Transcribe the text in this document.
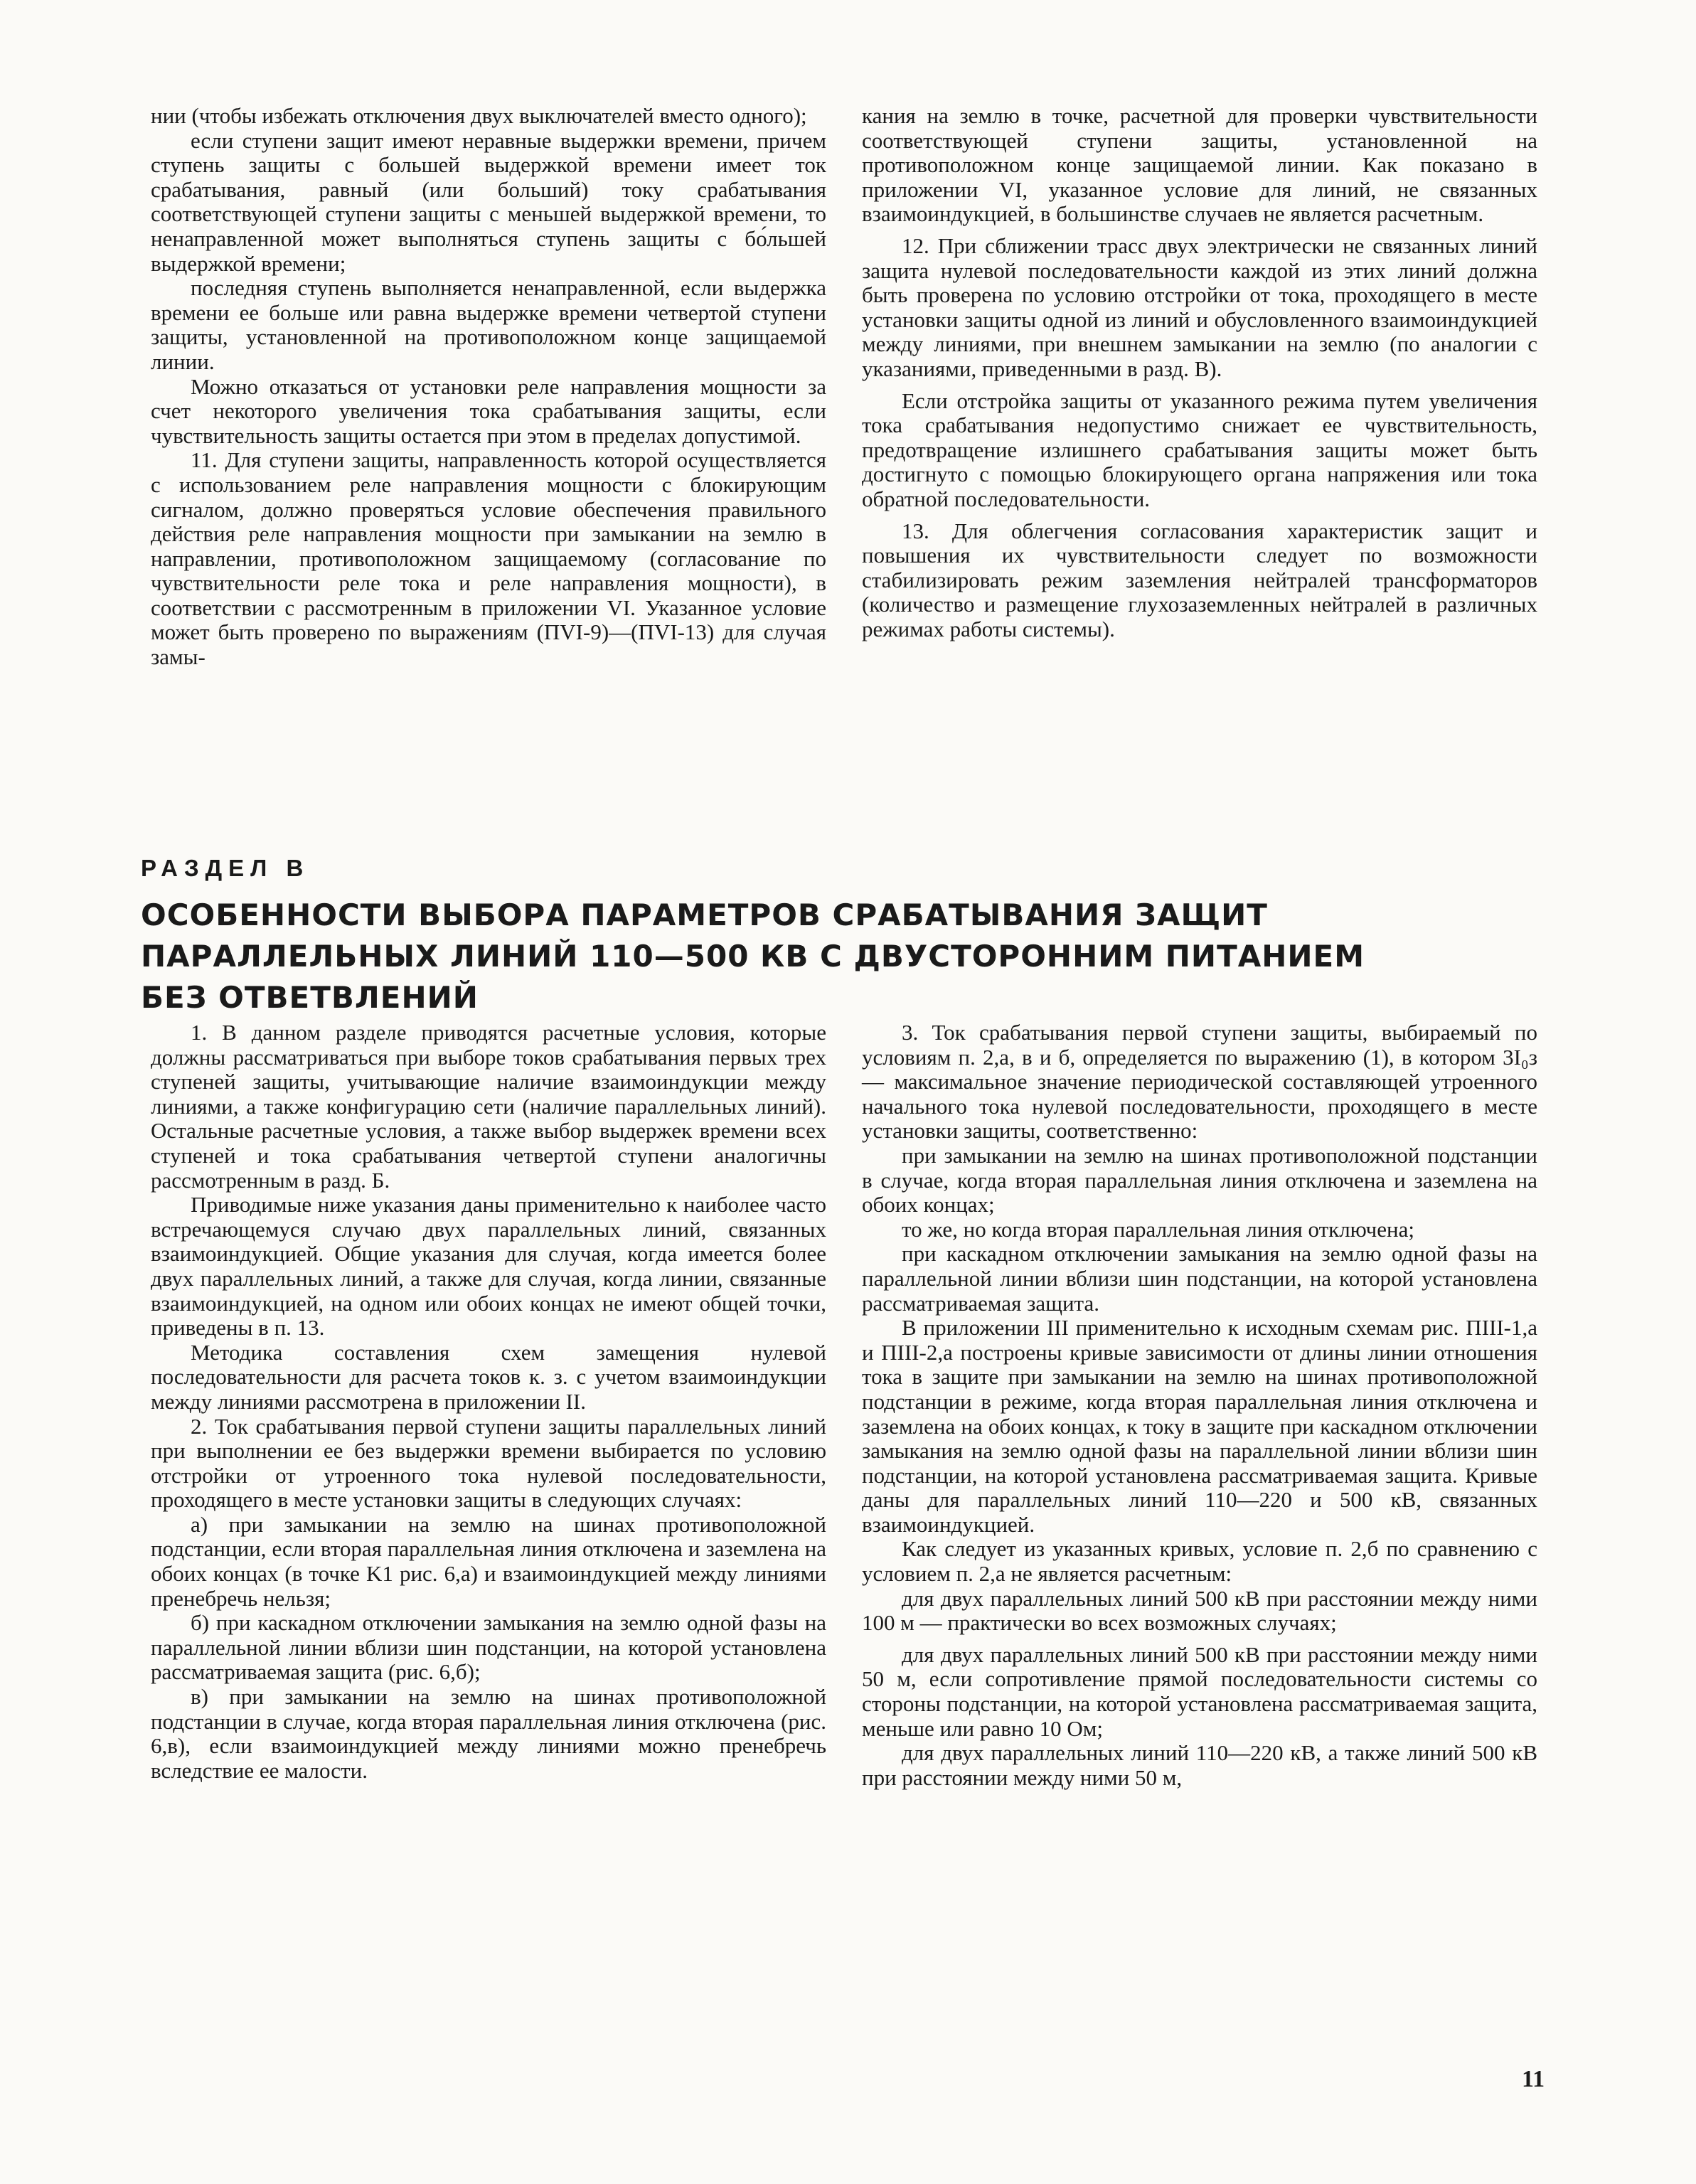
нии (чтобы избежать отключения двух выключателей вместо одного);

если ступени защит имеют неравные выдержки времени, причем ступень защиты с большей выдержкой времени имеет ток срабатывания, равный (или больший) току срабатывания соответствующей ступени защиты с меньшей выдержкой времени, то ненаправленной может выполняться ступень защиты с бо́льшей выдержкой времени;

последняя ступень выполняется ненаправленной, если выдержка времени ее больше или равна выдержке времени четвертой ступени защиты, установленной на противоположном конце защищаемой линии.

Можно отказаться от установки реле направления мощности за счет некоторого увеличения тока срабатывания защиты, если чувствительность защиты остается при этом в пределах допустимой.

11. Для ступени защиты, направленность которой осуществляется с использованием реле направления мощности с блокирующим сигналом, должно проверяться условие обеспечения правильного действия реле направления мощности при замыкании на землю в направлении, противоположном защищаемому (согласование по чувствительности реле тока и реле направления мощности), в соответствии с рассмотренным в приложении VI. Указанное условие может быть проверено по выражениям (ПVI-9)—(ПVI-13) для случая замы-

кания на землю в точке, расчетной для проверки чувствительности соответствующей ступени защиты, установленной на противоположном конце защищаемой линии. Как показано в приложении VI, указанное условие для линий, не связанных взаимоиндукцией, в большинстве случаев не является расчетным.

12. При сближении трасс двух электрически не связанных линий защита нулевой последовательности каждой из этих линий должна быть проверена по условию отстройки от тока, проходящего в месте установки защиты одной из линий и обусловленного взаимоиндукцией между линиями, при внешнем замыкании на землю (по аналогии с указаниями, приведенными в разд. В).

Если отстройка защиты от указанного режима путем увеличения тока срабатывания недопустимо снижает ее чувствительность, предотвращение излишнего срабатывания защиты может быть достигнуто с помощью блокирующего органа напряжения или тока обратной последовательности.

13. Для облегчения согласования характеристик защит и повышения их чувствительности следует по возможности стабилизировать режим заземления нейтралей трансформаторов (количество и размещение глухозаземленных нейтралей в различных режимах работы системы).

РАЗДЕЛ В
ОСОБЕННОСТИ ВЫБОРА ПАРАМЕТРОВ СРАБАТЫВАНИЯ ЗАЩИТ
ПАРАЛЛЕЛЬНЫХ ЛИНИЙ 110—500 КВ С ДВУСТОРОННИМ ПИТАНИЕМ
БЕЗ ОТВЕТВЛЕНИЙ

1. В данном разделе приводятся расчетные условия, которые должны рассматриваться при выборе токов срабатывания первых трех ступеней защиты, учитывающие наличие взаимоиндукции между линиями, а также конфигурацию сети (наличие параллельных линий). Остальные расчетные условия, а также выбор выдержек времени всех ступеней и тока срабатывания четвертой ступени аналогичны рассмотренным в разд. Б.

Приводимые ниже указания даны применительно к наиболее часто встречающемуся случаю двух параллельных линий, связанных взаимоиндукцией. Общие указания для случая, когда имеется более двух параллельных линий, а также для случая, когда линии, связанные взаимоиндукцией, на одном или обоих концах не имеют общей точки, приведены в п. 13.

Методика составления схем замещения нулевой последовательности для расчета токов к. з. с учетом взаимоиндукции между линиями рассмотрена в приложении II.

2. Ток срабатывания первой ступени защиты параллельных линий при выполнении ее без выдержки времени выбирается по условию отстройки от утроенного тока нулевой последовательности, проходящего в месте установки защиты в следующих случаях:

а) при замыкании на землю на шинах противоположной подстанции, если вторая параллельная линия отключена и заземлена на обоих концах (в точке K1 рис. 6,а) и взаимоиндукцией между линиями пренебречь нельзя;

б) при каскадном отключении замыкания на землю одной фазы на параллельной линии вблизи шин подстанции, на которой установлена рассматриваемая защита (рис. 6,б);

в) при замыкании на землю на шинах противоположной подстанции в случае, когда вторая параллельная линия отключена (рис. 6,в), если взаимоиндукцией между линиями можно пренебречь вследствие ее малости.

3. Ток срабатывания первой ступени защиты, выбираемый по условиям п. 2,а, в и б, определяется по выражению (1), в котором 3I₀з — максимальное значение периодической составляющей утроенного начального тока нулевой последовательности, проходящего в месте установки защиты, соответственно:

при замыкании на землю на шинах противоположной подстанции в случае, когда вторая параллельная линия отключена и заземлена на обоих концах;

то же, но когда вторая параллельная линия отключена;

при каскадном отключении замыкания на землю одной фазы на параллельной линии вблизи шин подстанции, на которой установлена рассматриваемая защита.

В приложении III применительно к исходным схемам рис. ПIII-1,а и ПIII-2,а построены кривые зависимости от длины линии отношения тока в защите при замыкании на землю на шинах противоположной подстанции в режиме, когда вторая параллельная линия отключена и заземлена на обоих концах, к току в защите при каскадном отключении замыкания на землю одной фазы на параллельной линии вблизи шин подстанции, на которой установлена рассматриваемая защита. Кривые даны для параллельных линий 110—220 и 500 кВ, связанных взаимоиндукцией.

Как следует из указанных кривых, условие п. 2,б по сравнению с условием п. 2,а не является расчетным:

для двух параллельных линий 500 кВ при расстоянии между ними 100 м — практически во всех возможных случаях;

для двух параллельных линий 500 кВ при расстоянии между ними 50 м, если сопротивление прямой последовательности системы со стороны подстанции, на которой установлена рассматриваемая защита, меньше или равно 10 Ом;

для двух параллельных линий 110—220 кВ, а также линий 500 кВ при расстоянии между ними 50 м,

11
